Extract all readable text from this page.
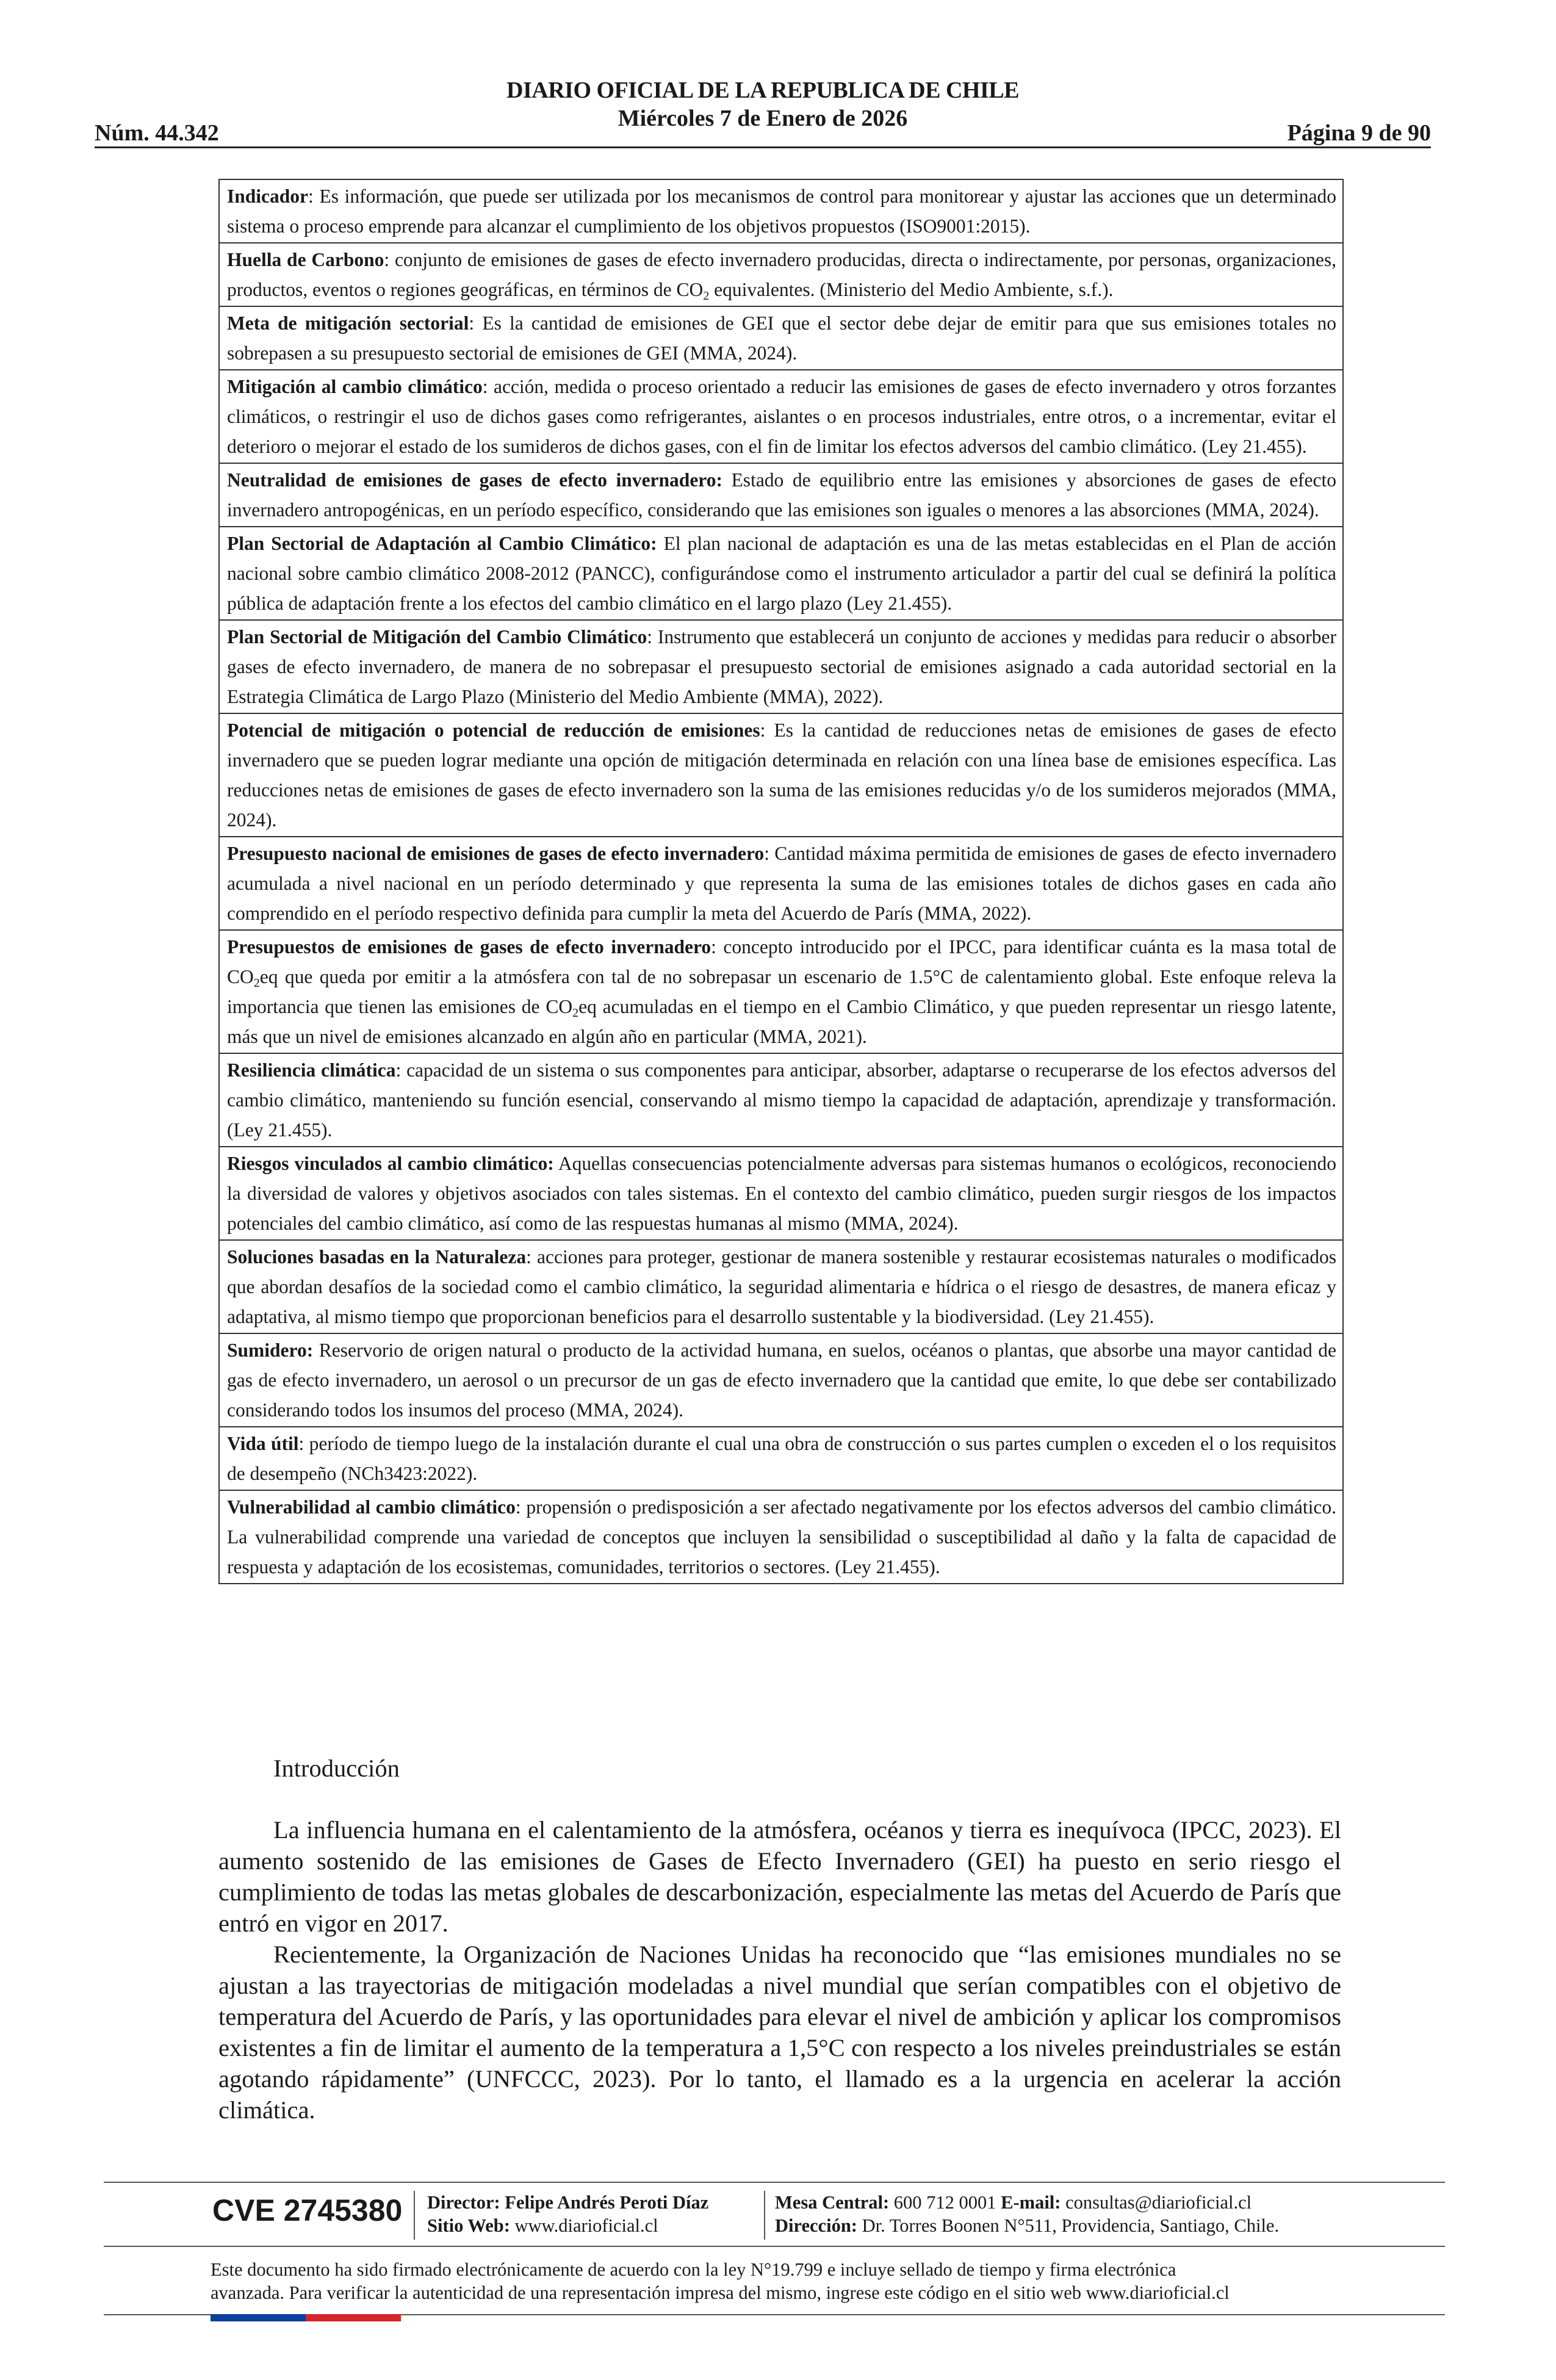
Núm. 44.342
DIARIO OFICIAL DE LA REPUBLICA DE CHILE
Miércoles 7 de Enero de 2026
Página 9 de 90
Indicador: Es información, que puede ser utilizada por los mecanismos de control para monitorear y ajustar las acciones que un determinado sistema o proceso emprende para alcanzar el cumplimiento de los objetivos propuestos (ISO9001:2015).
Huella de Carbono: conjunto de emisiones de gases de efecto invernadero producidas, directa o indirectamente, por personas, organizaciones, productos, eventos o regiones geográficas, en términos de $CO_2$ equivalentes. (Ministerio del Medio Ambiente, s.f.).
Meta de mitigación sectorial: Es la cantidad de emisiones de GEI que el sector debe dejar de emitir para que sus emisiones totales no sobrepasen a su presupuesto sectorial de emisiones de GEI (MMA, 2024).
Mitigación al cambio climático: acción, medida o proceso orientado a reducir las emisiones de gases de efecto invernadero y otros forzantes climáticos, o restringir el uso de dichos gases como refrigerantes, aislantes o en procesos industriales, entre otros, o a incrementar, evitar el deterioro o mejorar el estado de los sumideros de dichos gases, con el fin de limitar los efectos adversos del cambio climático. (Ley 21.455).
Neutralidad de emisiones de gases de efecto invernadero: Estado de equilibrio entre las emisiones y absorciones de gases de efecto invernadero antropogénicas, en un período específico, considerando que las emisiones son iguales o menores a las absorciones (MMA, 2024).
Plan Sectorial de Adaptación al Cambio Climático: El plan nacional de adaptación es una de las metas establecidas en el Plan de acción nacional sobre cambio climático 2008-2012 (PANCC), configurándose como el instrumento articulador a partir del cual se definirá la política pública de adaptación frente a los efectos del cambio climático en el largo plazo (Ley 21.455).
Plan Sectorial de Mitigación del Cambio Climático: Instrumento que establecerá un conjunto de acciones y medidas para reducir o absorber gases de efecto invernadero, de manera de no sobrepasar el presupuesto sectorial de emisiones asignado a cada autoridad sectorial en la Estrategia Climática de Largo Plazo (Ministerio del Medio Ambiente (MMA), 2022).
Potencial de mitigación o potencial de reducción de emisiones: Es la cantidad de reducciones netas de emisiones de gases de efecto invernadero que se pueden lograr mediante una opción de mitigación determinada en relación con una línea base de emisiones específica. Las reducciones netas de emisiones de gases de efecto invernadero son la suma de las emisiones reducidas y/o de los sumideros mejorados (MMA, 2024).
Presupuesto nacional de emisiones de gases de efecto invernadero: Cantidad máxima permitida de emisiones de gases de efecto invernadero acumulada a nivel nacional en un período determinado y que representa la suma de las emisiones totales de dichos gases en cada año comprendido en el período respectivo definida para cumplir la meta del Acuerdo de París (MMA, 2022).
Presupuestos de emisiones de gases de efecto invernadero: concepto introducido por el IPCC, para identificar cuánta es la masa total de $CO_2eq$ que queda por emitir a la atmósfera con tal de no sobrepasar un escenario de 1.5°C de calentamiento global. Este enfoque releva la importancia que tienen las emisiones de $CO_2eq$ acumuladas en el tiempo en el Cambio Climático, y que pueden representar un riesgo latente, más que un nivel de emisiones alcanzado en algún año en particular (MMA, 2021).
Resiliencia climática: capacidad de un sistema o sus componentes para anticipar, absorber, adaptarse o recuperarse de los efectos adversos del cambio climático, manteniendo su función esencial, conservando al mismo tiempo la capacidad de adaptación, aprendizaje y transformación. (Ley 21.455).
Riesgos vinculados al cambio climático: Aquellas consecuencias potencialmente adversas para sistemas humanos o ecológicos, reconociendo la diversidad de valores y objetivos asociados con tales sistemas. En el contexto del cambio climático, pueden surgir riesgos de los impactos potenciales del cambio climático, así como de las respuestas humanas al mismo (MMA, 2024).
Soluciones basadas en la Naturaleza: acciones para proteger, gestionar de manera sostenible y restaurar ecosistemas naturales o modificados que abordan desafíos de la sociedad como el cambio climático, la seguridad alimentaria e hídrica o el riesgo de desastres, de manera eficaz y adaptativa, al mismo tiempo que proporcionan beneficios para el desarrollo sustentable y la biodiversidad. (Ley 21.455).
Sumidero: Reservorio de origen natural o producto de la actividad humana, en suelos, océanos o plantas, que absorbe una mayor cantidad de gas de efecto invernadero, un aerosol o un precursor de un gas de efecto invernadero que la cantidad que emite, lo que debe ser contabilizado considerando todos los insumos del proceso (MMA, 2024).
Vida útil: período de tiempo luego de la instalación durante el cual una obra de construcción o sus partes cumplen o exceden el o los requisitos de desempeño (NCh3423:2022).
Vulnerabilidad al cambio climático: propensión o predisposición a ser afectado negativamente por los efectos adversos del cambio climático. La vulnerabilidad comprende una variedad de conceptos que incluyen la sensibilidad o susceptibilidad al daño y la falta de capacidad de respuesta y adaptación de los ecosistemas, comunidades, territorios o sectores. (Ley 21.455).

Introducción

La influencia humana en el calentamiento de la atmósfera, océanos y tierra es inequívoca (IPCC, 2023). El aumento sostenido de las emisiones de Gases de Efecto Invernadero (GEI) ha puesto en serio riesgo el cumplimiento de todas las metas globales de descarbonización, especialmente las metas del Acuerdo de París que entró en vigor en 2017.

Recientemente, la Organización de Naciones Unidas ha reconocido que “las emisiones mundiales no se ajustan a las trayectorias de mitigación modeladas a nivel mundial que serían compatibles con el objetivo de temperatura del Acuerdo de París, y las oportunidades para elevar el nivel de ambición y aplicar los compromisos existentes a fin de limitar el aumento de la temperatura a 1,5°C con respecto a los niveles preindustriales se están agotando rápidamente” (UNFCCC, 2023). Por lo tanto, el llamado es a la urgencia en acelerar la acción climática.

CVE 2745380 Director: Felipe Andrés Peroti Díaz
Sitio Web: www.diarioficial.cl
Mesa Central: 600 712 0001 E-mail: consultas@diarioficial.cl
Dirección: Dr. Torres Boonen N°511, Providencia, Santiago, Chile.
Este documento ha sido firmado electrónicamente de acuerdo con la ley N°19.799 e incluye sellado de tiempo y firma electrónica
avanzada. Para verificar la autenticidad de una representación impresa del mismo, ingrese este código en el sitio web www.diarioficial.cl
